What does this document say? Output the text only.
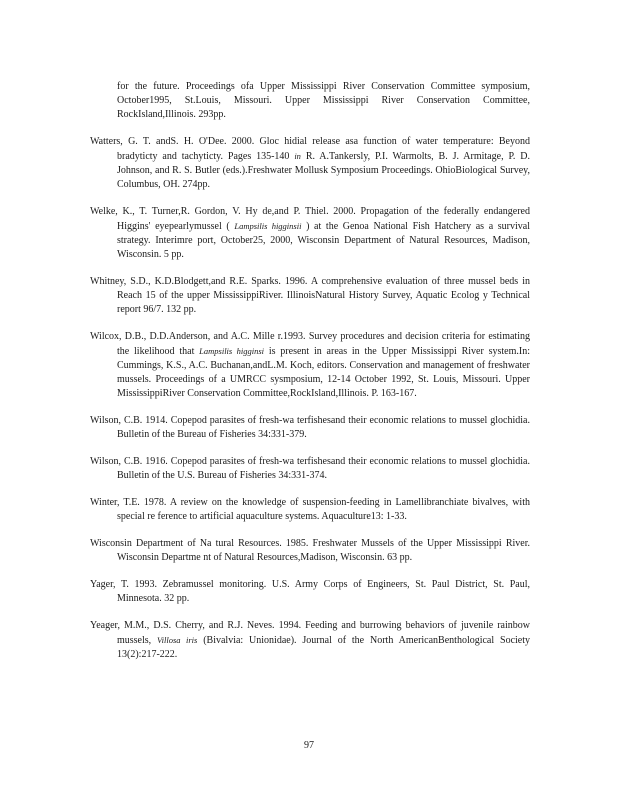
for the future. Proceedings ofa Upper Mississippi River Conservation Committee symposium, October1995, St.Louis, Missouri. Upper Mississippi River Conservation Committee, RockIsland,Illinois. 293pp.

Watters, G. T. andS. H. O'Dee. 2000. Gloc hidial release asa function of water temperature: Beyond bradyticty and tachyticty. Pages 135-140 in R. A.Tankersly, P.I. Warmolts, B. J. Armitage, P. D. Johnson, and R. S. Butler (eds.).Freshwater Mollusk Symposium Proceedings. OhioBiological Survey, Columbus, OH. 274pp.

Welke, K., T. Turner,R. Gordon, V. Hy de,and P. Thiel. 2000. Propagation of the federally endangered Higgins' eyepearlymussel ( Lampsilis higginsii ) at the Genoa National Fish Hatchery as a survival strategy. Interimre port, October25, 2000, Wisconsin Department of Natural Resources, Madison, Wisconsin. 5 pp.

Whitney, S.D., K.D.Blodgett,and R.E. Sparks. 1996. A comprehensive evaluation of three mussel beds in Reach 15 of the upper MississippiRiver. IllinoisNatural History Survey, Aquatic Ecolog y Technical report 96/7. 132 pp.

Wilcox, D.B., D.D.Anderson, and A.C. Mille r.1993. Survey procedures and decision criteria for estimating the likelihood that Lampsilis higginsi is present in areas in the Upper Mississippi River system.In: Cummings, K.S., A.C. Buchanan,andL.M. Koch, editors. Conservation and management of freshwater mussels. Proceedings of a UMRCC sysmposium, 12-14 October 1992, St. Louis, Missouri. Upper MississippiRiver Conservation Committee,RockIsland,Illinois. P. 163-167.

Wilson, C.B. 1914. Copepod parasites of fresh-wa terfishesand their economic relations to mussel glochidia. Bulletin of the Bureau of Fisheries 34:331-379.

Wilson, C.B. 1916. Copepod parasites of fresh-wa terfishesand their economic relations to mussel glochidia. Bulletin of the U.S. Bureau of Fisheries 34:331-374.

Winter, T.E. 1978. A review on the knowledge of suspension-feeding in Lamellibranchiate bivalves, with special re ference to artificial aquaculture systems. Aquaculture13: 1-33.

Wisconsin Department of Na tural Resources. 1985. Freshwater Mussels of the Upper Mississippi River. Wisconsin Departme nt of Natural Resources,Madison, Wisconsin. 63 pp.

Yager, T. 1993. Zebramussel monitoring. U.S. Army Corps of Engineers, St. Paul District, St. Paul, Minnesota. 32 pp.

Yeager, M.M., D.S. Cherry, and R.J. Neves. 1994. Feeding and burrowing behaviors of juvenile rainbow mussels, Villosa iris (Bivalvia: Unionidae). Journal of the North AmericanBenthological Society 13(2):217-222.

97
